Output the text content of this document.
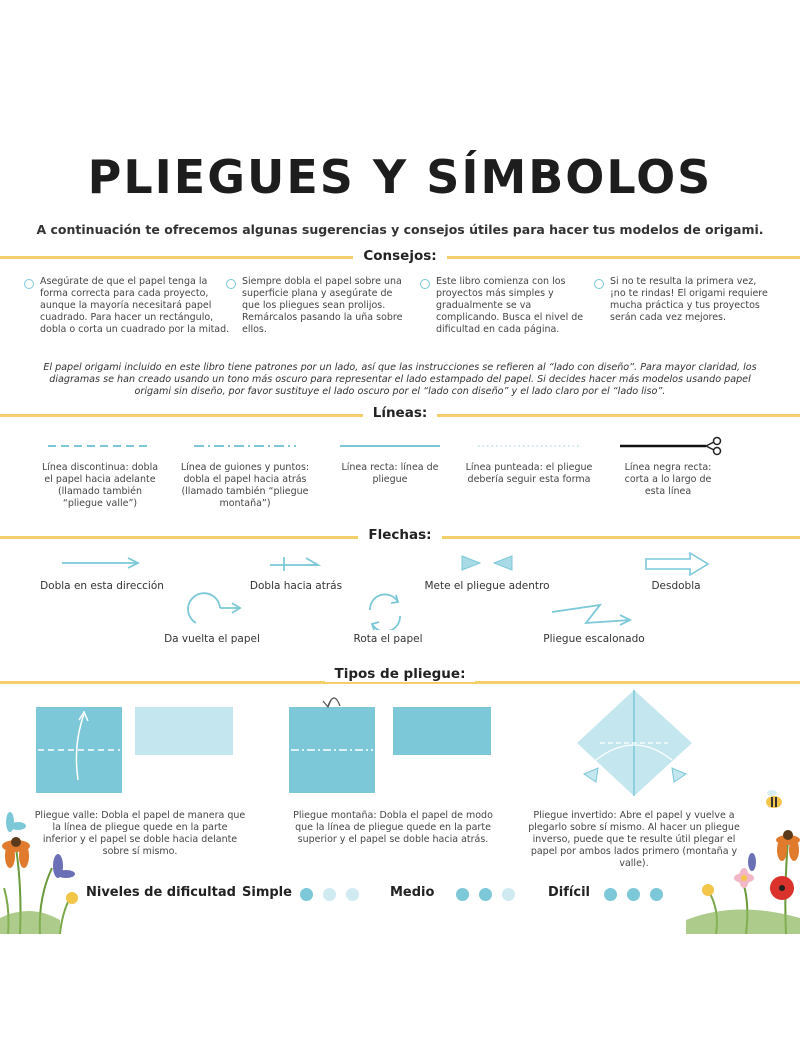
PLIEGUES Y SÍMBOLOS
A continuación te ofrecemos algunas sugerencias y consejos útiles para hacer tus modelos de origami.
Consejos:
Asegúrate de que el papel tenga la forma correcta para cada proyecto, aunque la mayoría necesitará papel cuadrado. Para hacer un rectángulo, dobla o corta un cuadrado por la mitad.
Siempre dobla el papel sobre una superficie plana y asegúrate de que los pliegues sean prolijos. Remárcalos pasando la uña sobre ellos.
Este libro comienza con los proyectos más simples y gradualmente se va complicando. Busca el nivel de dificultad en cada página.
Si no te resulta la primera vez, ¡no te rindas! El origami requiere mucha práctica y tus proyectos serán cada vez mejores.
El papel origami incluido en este libro tiene patrones por un lado, así que las instrucciones se refieren al “lado con diseño”. Para mayor claridad, los diagramas se han creado usando un tono más oscuro para representar el lado estampado del papel. Si decides hacer más modelos usando papel origami sin diseño, por favor sustituye el lado oscuro por el “lado con diseño” y el lado claro por el “lado liso”.
Líneas:
Línea discontinua: dobla el papel hacia adelante (llamado también “pliegue valle”)
Línea de guiones y puntos: dobla el papel hacia atrás (llamado también “pliegue montaña”)
Línea recta: línea de pliegue
Línea punteada: el pliegue debería seguir esta forma
Línea negra recta: corta a lo largo de esta línea
Flechas:
Dobla en esta dirección	Dobla hacia atrás	Mete el pliegue adentro	Desdobla
Da vuelta el papel	Rota el papel	Pliegue escalonado
Tipos de pliegue:
Pliegue valle: Dobla el papel de manera que la línea de pliegue quede en la parte inferior y el papel se doble hacia delante sobre sí mismo.
Pliegue montaña: Dobla el papel de modo que la línea de pliegue quede en la parte superior y el papel se doble hacia atrás.
Pliegue invertido: Abre el papel y vuelve a plegarlo sobre sí mismo. Al hacer un pliegue inverso, puede que te resulte útil plegar el papel por ambos lados primero (montaña y valle).
Niveles de dificultad Simple	Medio	Difícil
